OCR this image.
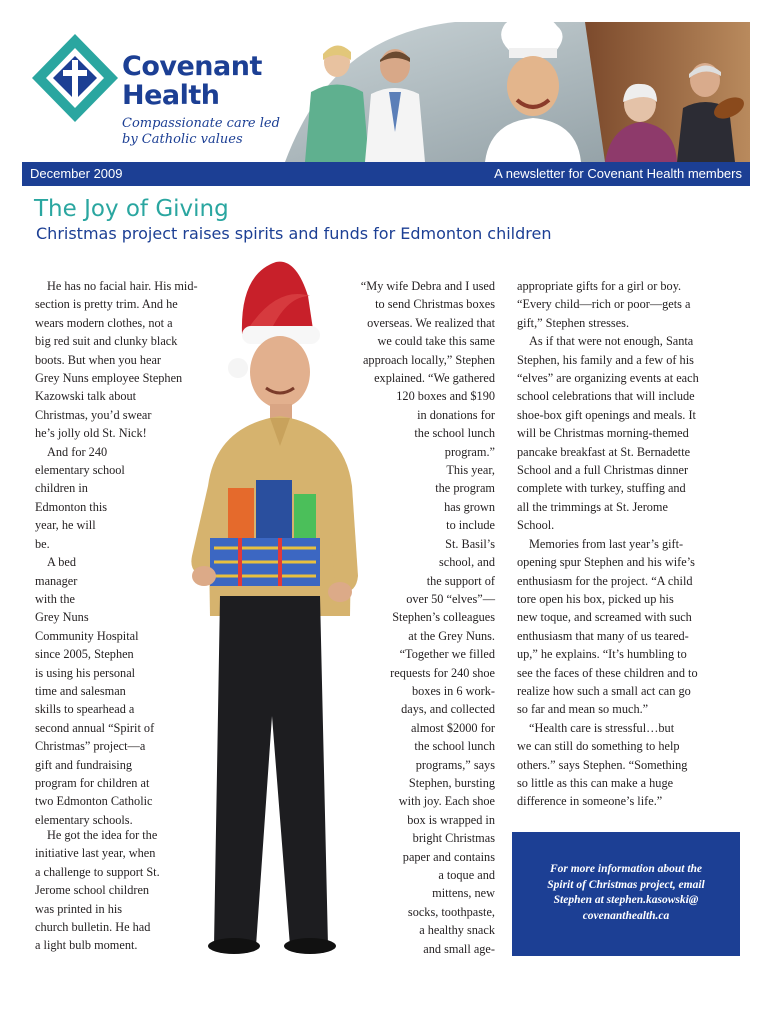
Covenant
Health
Compassionate care led
by Catholic values
December 2009	A newsletter for Covenant Health members
The Joy of Giving
Christmas project raises spirits and funds for Edmonton children
He has no facial hair. His mid-
section is pretty trim. And he
wears modern clothes, not a
big red suit and clunky black
boots. But when you hear
Grey Nuns employee Stephen
Kazowski talk about
Christmas, you’d swear
he’s jolly old St. Nick!
And for 240
elementary school
children in
Edmonton this
year, he will
be.
A bed
manager
with the
Grey Nuns
Community Hospital
since 2005, Stephen
is using his personal
time and salesman
skills to spearhead a
second annual “Spirit of
Christmas” project—a
gift and fundraising
program for children at
two Edmonton Catholic
elementary schools.
He got the idea for the
initiative last year, when
a challenge to support St.
Jerome school children
was printed in his
church bulletin. He had
a light bulb moment.
“My wife Debra and I used
to send Christmas boxes
overseas. We realized that
we could take this same
approach locally,” Stephen
explained. “We gathered
120 boxes and $190
in donations for
the school lunch
program.”
This year,
the program
has grown
to include
St. Basil’s
school, and
the support of
over 50 “elves”—
Stephen’s colleagues
at the Grey Nuns.
“Together we filled
requests for 240 shoe
boxes in 6 work-
days, and collected
almost $2000 for
the school lunch
programs,” says
Stephen, bursting
with joy. Each shoe
box is wrapped in
bright Christmas
paper and contains
a toque and
mittens, new
socks, toothpaste,
a healthy snack
and small age-
appropriate gifts for a girl or boy.
“Every child—rich or poor—gets a
gift,” Stephen stresses.
As if that were not enough, Santa
Stephen, his family and a few of his
“elves” are organizing events at each
school celebrations that will include
shoe-box gift openings and meals. It
will be Christmas morning-themed
pancake breakfast at St. Bernadette
School and a full Christmas dinner
complete with turkey, stuffing and
all the trimmings at St. Jerome
School.
Memories from last year’s gift-
opening spur Stephen and his wife’s
enthusiasm for the project. “A child
tore open his box, picked up his
new toque, and screamed with such
enthusiasm that many of us teared-
up,” he explains. “It’s humbling to
see the faces of these children and to
realize how such a small act can go
so far and mean so much.”
“Health care is stressful…but
we can still do something to help
others.” says Stephen. “Something
so little as this can make a huge
difference in someone’s life.”
For more information about the
Spirit of Christmas project, email
Stephen at stephen.kasowski@
covenanthealth.ca
